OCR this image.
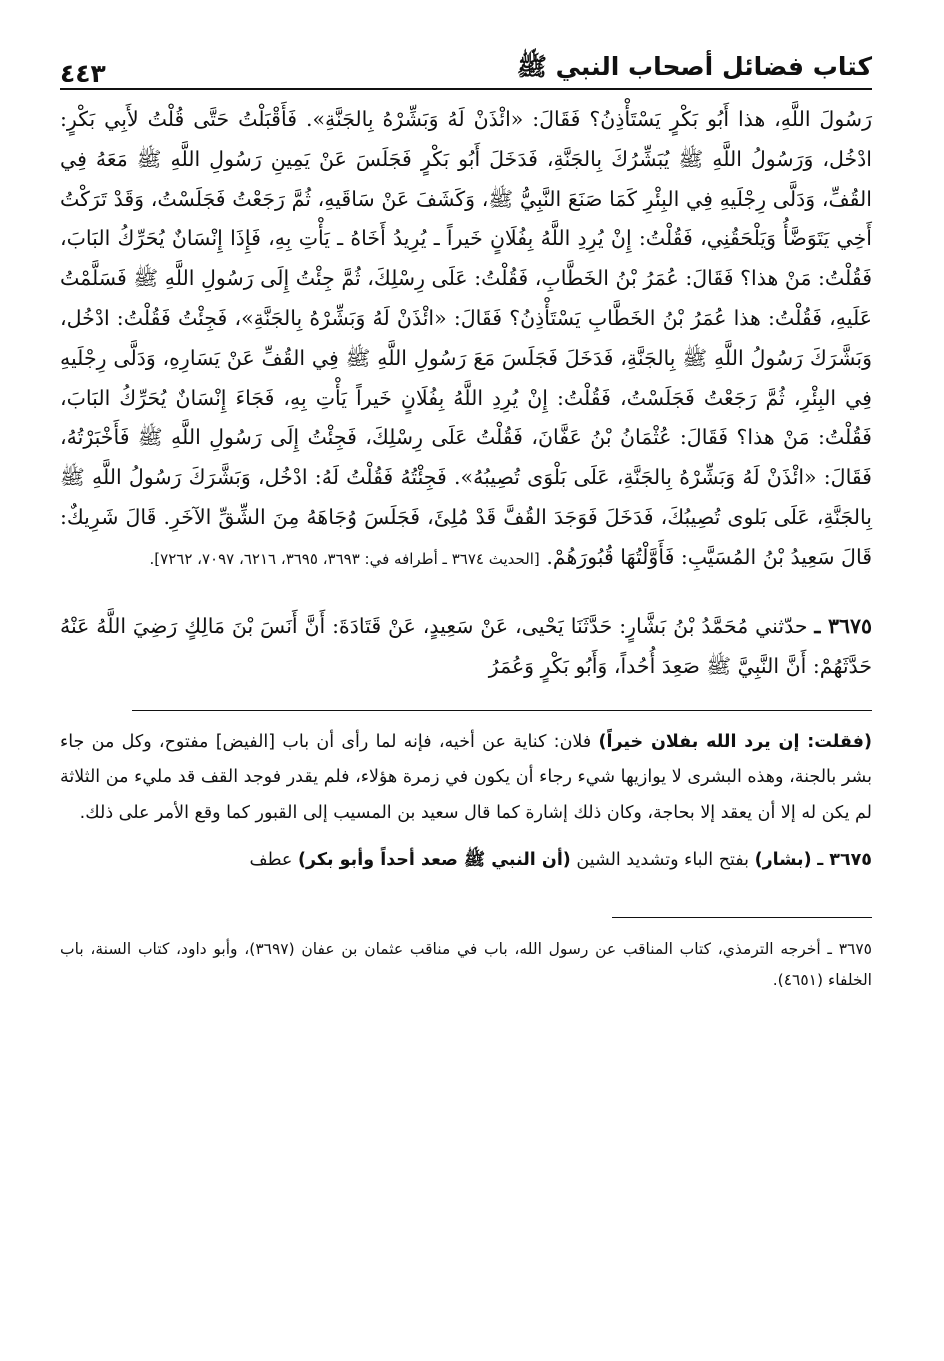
كتاب فضائل أصحاب النبي ﷺ
٤٤٣

رَسُولَ اللَّهِ، هذا أَبُو بَكْرٍ يَسْتَأْذِنُ؟ فَقَالَ: «ائْذَنْ لَهُ وَبَشِّرْهُ بِالجَنَّةِ». فَأَقْبَلْتُ حَتَّى قُلْتُ لأَبِي بَكْرٍ: ادْخُل، وَرَسُولُ اللَّهِ ﷺ يُبَشِّرُكَ بِالجَنَّةِ، فَدَخَلَ أَبُو بَكْرٍ فَجَلَسَ عَنْ يَمِينِ رَسُولِ اللَّهِ ﷺ مَعَهُ فِي القُفِّ، وَدَلَّى رِجْلَيهِ فِي البِئْرِ كَمَا صَنَعَ النَّبِيُّ ﷺ، وَكَشَفَ عَنْ سَاقَيهِ، ثُمَّ رَجَعْتُ فَجَلَسْتُ، وَقَدْ تَرَكْتُ أَخِي يَتَوَضَّأُ وَيَلْحَقُنِي، فَقُلْتُ: إِنْ يُرِدِ اللَّهُ بِفُلَانٍ خَيراً ـ يُرِيدُ أَخَاهُ ـ يَأْتِ بِهِ، فَإِذَا إِنْسَانٌ يُحَرِّكُ البَابَ، فَقُلْتُ: مَنْ هذا؟ فَقَالَ: عُمَرُ بْنُ الخَطَّابِ، فَقُلْتُ: عَلَى رِسْلِكَ، ثُمَّ جِئْتُ إِلَى رَسُولِ اللَّهِ ﷺ فَسَلَّمْتُ عَلَيهِ، فَقُلْتُ: هذا عُمَرُ بْنُ الخَطَّابِ يَسْتَأْذِنُ؟ فَقَالَ: «ائْذَنْ لَهُ وَبَشِّرْهُ بِالجَنَّةِ»، فَجِئْتُ فَقُلْتُ: ادْخُل، وَبَشَّرَكَ رَسُولُ اللَّهِ ﷺ بِالجَنَّةِ، فَدَخَلَ فَجَلَسَ مَعَ رَسُولِ اللَّهِ ﷺ فِي القُفِّ عَنْ يَسَارِهِ، وَدَلَّى رِجْلَيهِ فِي البِئْرِ، ثُمَّ رَجَعْتُ فَجَلَسْتُ، فَقُلْتُ: إِنْ يُرِدِ اللَّهُ بِفُلَانٍ خَيراً يَأْتِ بِهِ، فَجَاءَ إِنْسَانٌ يُحَرِّكُ البَابَ، فَقُلْتُ: مَنْ هذا؟ فَقَالَ: عُثْمَانُ بْنُ عَفَّانَ، فَقُلْتُ عَلَى رِسْلِكَ، فَجِئْتُ إِلَى رَسُولِ اللَّهِ ﷺ فَأَخْبَرْتُهُ، فَقَالَ: «ائْذَنْ لَهُ وَبَشِّرْهُ بِالجَنَّةِ، عَلَى بَلْوَى تُصِيبُهُ». فَجِئْتُهُ فَقُلْتُ لَهُ: ادْخُل، وَبَشَّرَكَ رَسُولُ اللَّهِ ﷺ بِالجَنَّةِ، عَلَى بَلوى تُصِيبُكَ، فَدَخَلَ فَوَجَدَ القُفَّ قَدْ مُلِئَ، فَجَلَسَ وُجَاهَهُ مِنَ الشِّقِّ الآخَرِ. قَالَ شَرِيكٌ: قَالَ سَعِيدُ بْنُ المُسَيَّبِ: فَأَوَّلْتُهَا قُبُورَهُمْ. [الحديث ٣٦٧٤ ـ أطرافه في: ٣٦٩٣، ٣٦٩٥، ٦٢١٦، ٧٠٩٧، ٧٢٦٢].

٣٦٧٥ ـ حدّثني مُحَمَّدُ بْنُ بَشَّارٍ: حَدَّثَنَا يَحْيى، عَنْ سَعِيدٍ، عَنْ قَتَادَةَ: أَنَّ أَنَسَ بْنَ مَالِكٍ رَضِيَ اللَّهُ عَنْهُ حَدَّثَهُمْ: أَنَّ النَّبِيَّ ﷺ صَعِدَ أُحُداً، وَأَبُو بَكْرٍ وَعُمَرُ

(فقلت: إن يرد الله بفلان خيراً) فلان: كناية عن أخيه، فإنه لما رأى أن باب [الفيض] مفتوح، وكل من جاء بشر بالجنة، وهذه البشرى لا يوازيها شيء رجاء أن يكون في زمرة هؤلاء، فلم يقدر فوجد القف قد مليء من الثلاثة لم يكن له إلا أن يعقد إلا بحاجة، وكان ذلك إشارة كما قال سعيد بن المسيب إلى القبور كما وقع الأمر على ذلك.

٣٦٧٥ ـ (بشار) بفتح الباء وتشديد الشين (أن النبي ﷺ صعد أحداً وأبو بكر) عطف

٣٦٧٥ ـ أخرجه الترمذي، كتاب المناقب عن رسول الله، باب في مناقب عثمان بن عفان (٣٦٩٧)، وأبو داود، كتاب السنة، باب الخلفاء (٤٦٥١).
